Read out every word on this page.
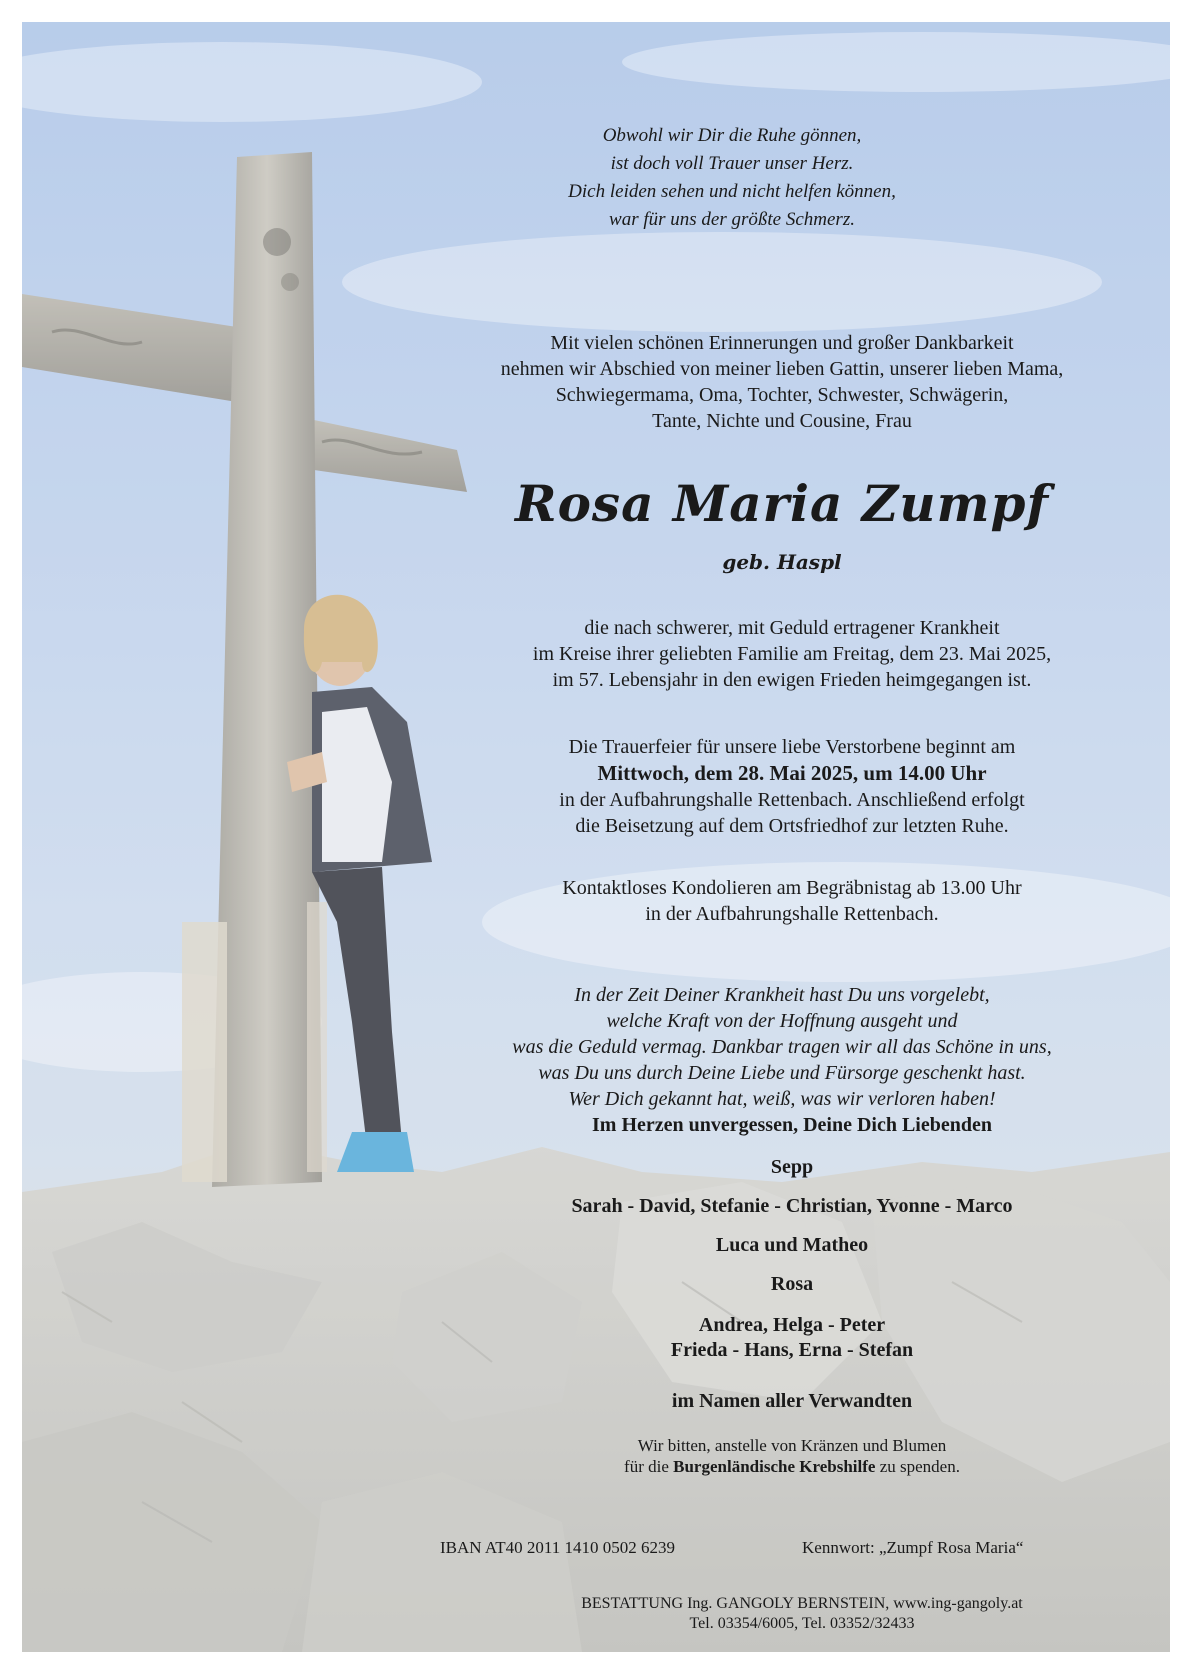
Obwohl wir Dir die Ruhe gönnen,
ist doch voll Trauer unser Herz.
Dich leiden sehen und nicht helfen können,
war für uns der größte Schmerz.
Mit vielen schönen Erinnerungen und großer Dankbarkeit
nehmen wir Abschied von meiner lieben Gattin, unserer lieben Mama,
Schwiegermama, Oma, Tochter, Schwester, Schwägerin,
Tante, Nichte und Cousine, Frau
Rosa Maria Zumpf
geb. Haspl
die nach schwerer, mit Geduld ertragener Krankheit
im Kreise ihrer geliebten Familie am Freitag, dem 23. Mai 2025,
im 57. Lebensjahr in den ewigen Frieden heimgegangen ist.
Die Trauerfeier für unsere liebe Verstorbene beginnt am
Mittwoch, dem 28. Mai 2025, um 14.00 Uhr
in der Aufbahrungshalle Rettenbach. Anschließend erfolgt
die Beisetzung auf dem Ortsfriedhof zur letzten Ruhe.
Kontaktloses Kondolieren am Begräbnistag ab 13.00 Uhr
in der Aufbahrungshalle Rettenbach.
In der Zeit Deiner Krankheit hast Du uns vorgelebt,
welche Kraft von der Hoffnung ausgeht und
was die Geduld vermag. Dankbar tragen wir all das Schöne in uns,
was Du uns durch Deine Liebe und Fürsorge geschenkt hast.
Wer Dich gekannt hat, weiß, was wir verloren haben!
Im Herzen unvergessen, Deine Dich Liebenden
Sepp
Sarah - David, Stefanie - Christian, Yvonne - Marco
Luca und Matheo
Rosa
Andrea, Helga - Peter
Frieda - Hans, Erna - Stefan
im Namen aller Verwandten
Wir bitten, anstelle von Kränzen und Blumen
für die Burgenländische Krebshilfe zu spenden.
IBAN AT40 2011 1410 0502 6239	Kennwort: „Zumpf Rosa Maria“
BESTATTUNG Ing. GANGOLY BERNSTEIN, www.ing-gangoly.at
Tel. 03354/6005, Tel. 03352/32433
